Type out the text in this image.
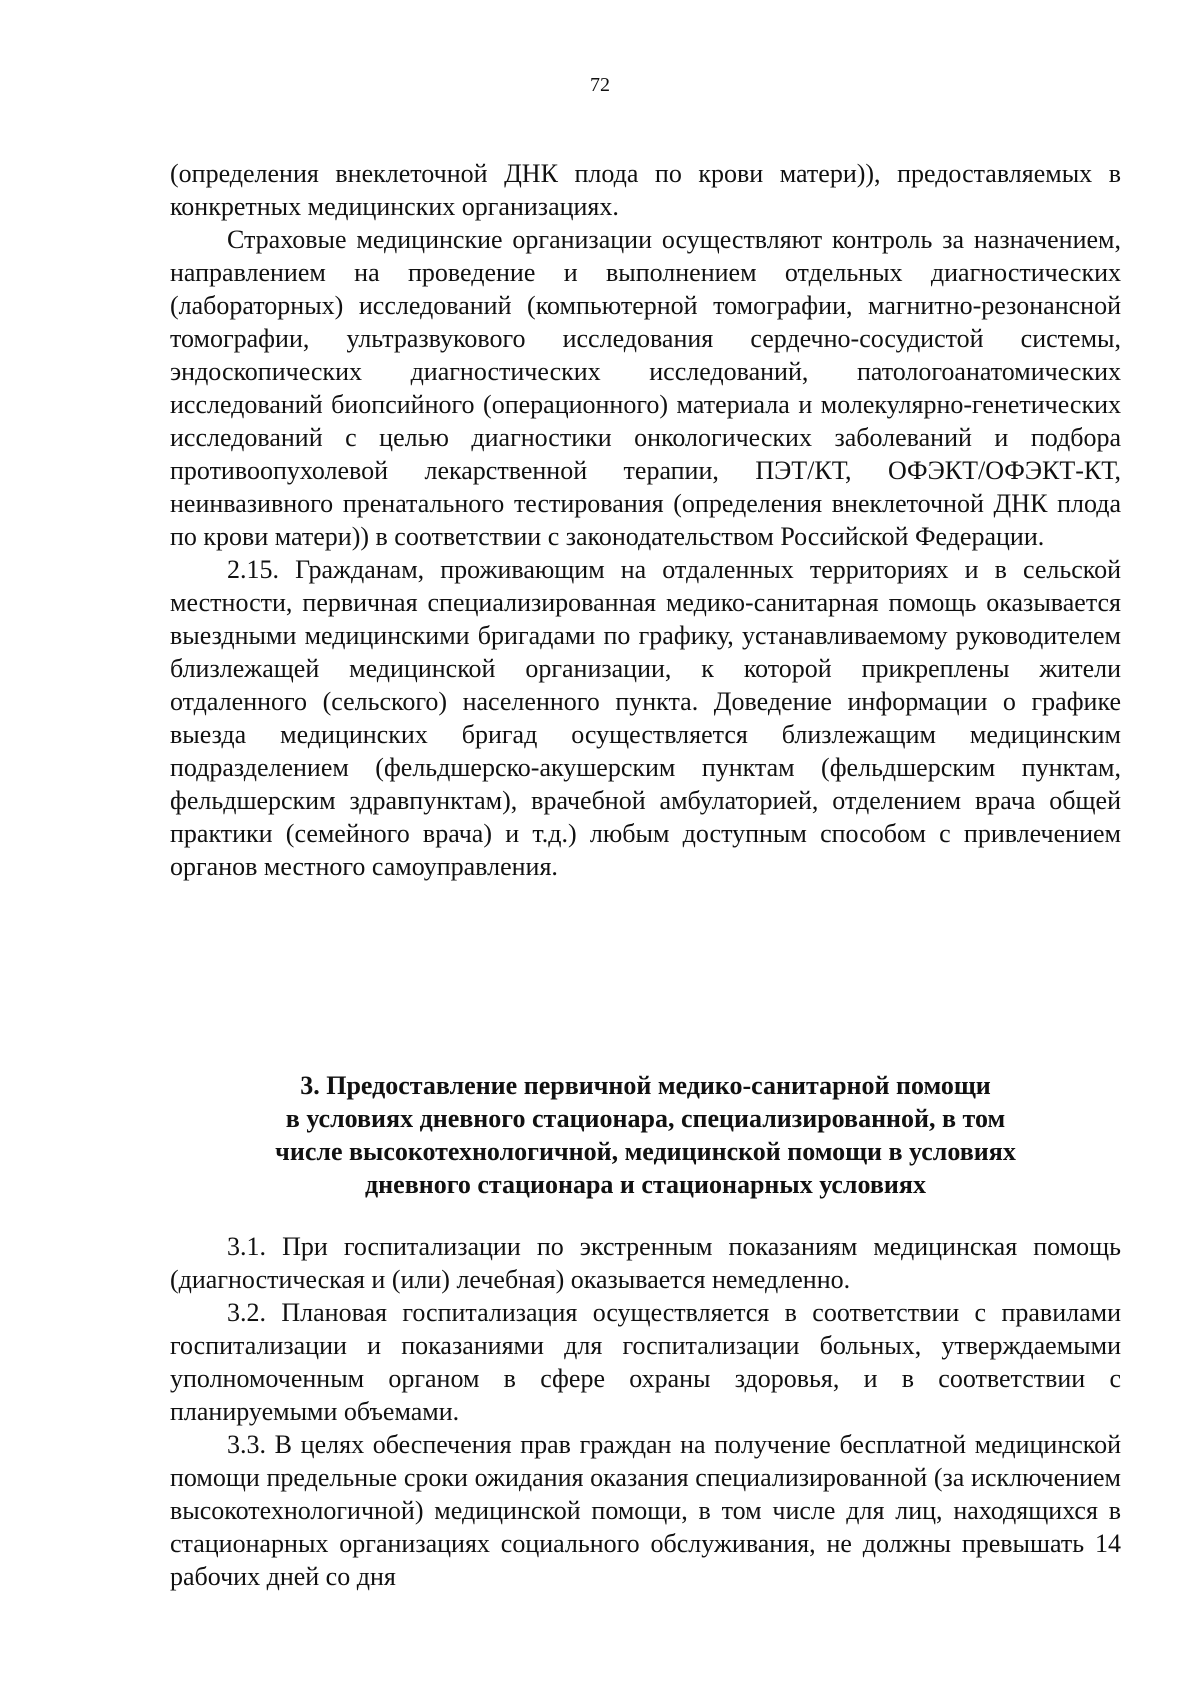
72

(определения внеклеточной ДНК плода по крови матери)), предоставляемых в конкретных медицинских организациях.

Страховые медицинские организации осуществляют контроль за назначением, направлением на проведение и выполнением отдельных диагностических (лабораторных) исследований (компьютерной томографии, магнитно-резонансной томографии, ультразвукового исследования сердечно-сосудистой системы, эндоскопических диагностических исследований, патологоанатомических исследований биопсийного (операционного) материала и молекулярно-генетических исследований с целью диагностики онкологических заболеваний и подбора противоопухолевой лекарственной терапии, ПЭТ/КТ, ОФЭКТ/ОФЭКТ-КТ, неинвазивного пренатального тестирования (определения внеклеточной ДНК плода по крови матери)) в соответствии с законодательством Российской Федерации.

2.15. Гражданам, проживающим на отдаленных территориях и в сельской местности, первичная специализированная медико-санитарная помощь оказывается выездными медицинскими бригадами по графику, устанавливаемому руководителем близлежащей медицинской организации, к которой прикреплены жители отдаленного (сельского) населенного пункта. Доведение информации о графике выезда медицинских бригад осуществляется близлежащим медицинским подразделением (фельдшерско-акушерским пунктам (фельдшерским пунктам, фельдшерским здравпунктам), врачебной амбулаторией, отделением врача общей практики (семейного врача) и т.д.) любым доступным способом с привлечением органов местного самоуправления.

3. Предоставление первичной медико-санитарной помощи
в условиях дневного стационара, специализированной, в том
числе высокотехнологичной, медицинской помощи в условиях
дневного стационара и стационарных условиях

3.1. При госпитализации по экстренным показаниям медицинская помощь (диагностическая и (или) лечебная) оказывается немедленно.

3.2. Плановая госпитализация осуществляется в соответствии с правилами госпитализации и показаниями для госпитализации больных, утверждаемыми уполномоченным органом в сфере охраны здоровья, и в соответствии с планируемыми объемами.

3.3. В целях обеспечения прав граждан на получение бесплатной медицинской помощи предельные сроки ожидания оказания специализированной (за исключением высокотехнологичной) медицинской помощи, в том числе для лиц, находящихся в стационарных организациях социального обслуживания, не должны превышать 14 рабочих дней со дня
